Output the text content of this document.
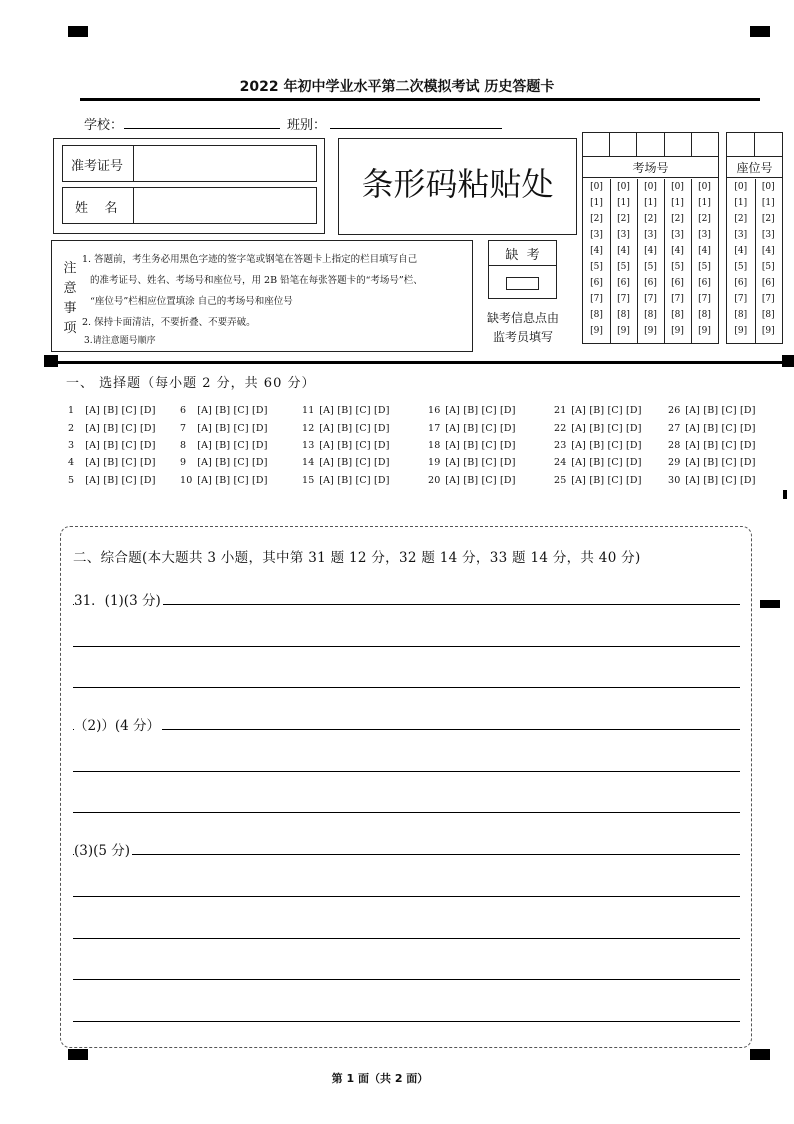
2022 年初中学业水平第二次模拟考试 历史答题卡
学校：	班别：
准考证号
姓    名
条形码粘贴处	考场号
[0]
[1]
[2]
[3]
[4]
[5]
[6]
[7]
[8]
[9]
[0]
[1]
[2]
[3]
[4]
[5]
[6]
[7]
[8]
[9]
[0]
[1]
[2]
[3]
[4]
[5]
[6]
[7]
[8]
[9]
[0]
[1]
[2]
[3]
[4]
[5]
[6]
[7]
[8]
[9]
[0]
[1]
[2]
[3]
[4]
[5]
[6]
[7]
[8]
[9]
座位号
[0]
[1]
[2]
[3]
[4]
[5]
[6]
[7]
[8]
[9]
[0]
[1]
[2]
[3]
[4]
[5]
[6]
[7]
[8]
[9]
注
意
事
项
1. 答题前，考生务必用黑色字迹的签字笔或钢笔在答题卡上指定的栏目填写自己
的准考证号、姓名、考场号和座位号，用 2B 铅笔在每张答题卡的“考场号”栏、
“座位号”栏相应位置填涂 自己的考场号和座位号
2. 保持卡面清洁，不要折叠、不要弄破。
3.请注意题号顺序
缺  考
缺考信息点由
监考员填写
一、 选择题（每小题 2 分，共 60 分）
1 [A] [B] [C] [D]
2 [A] [B] [C] [D]
3 [A] [B] [C] [D]
4 [A] [B] [C] [D]
5 [A] [B] [C] [D]
6 [A] [B] [C] [D]
7 [A] [B] [C] [D]
8 [A] [B] [C] [D]
9 [A] [B] [C] [D]
10 [A] [B] [C] [D]
11 [A] [B] [C] [D]
12 [A] [B] [C] [D]
13 [A] [B] [C] [D]
14 [A] [B] [C] [D]
15 [A] [B] [C] [D]
16 [A] [B] [C] [D]
17 [A] [B] [C] [D]
18 [A] [B] [C] [D]
19 [A] [B] [C] [D]
20 [A] [B] [C] [D]
21 [A] [B] [C] [D]
22 [A] [B] [C] [D]
23 [A] [B] [C] [D]
24 [A] [B] [C] [D]
25 [A] [B] [C] [D]
26 [A] [B] [C] [D]
27 [A] [B] [C] [D]
28 [A] [B] [C] [D]
29 [A] [B] [C] [D]
30 [A] [B] [C] [D]
二、综合题(本大题共 3 小题，其中第 31 题 12 分，32 题 14 分，33 题 14 分，共 40 分)
31．(1)(3 分)
（2)）(4 分）
(3)(5 分)
第 1 面（共 2 面）
